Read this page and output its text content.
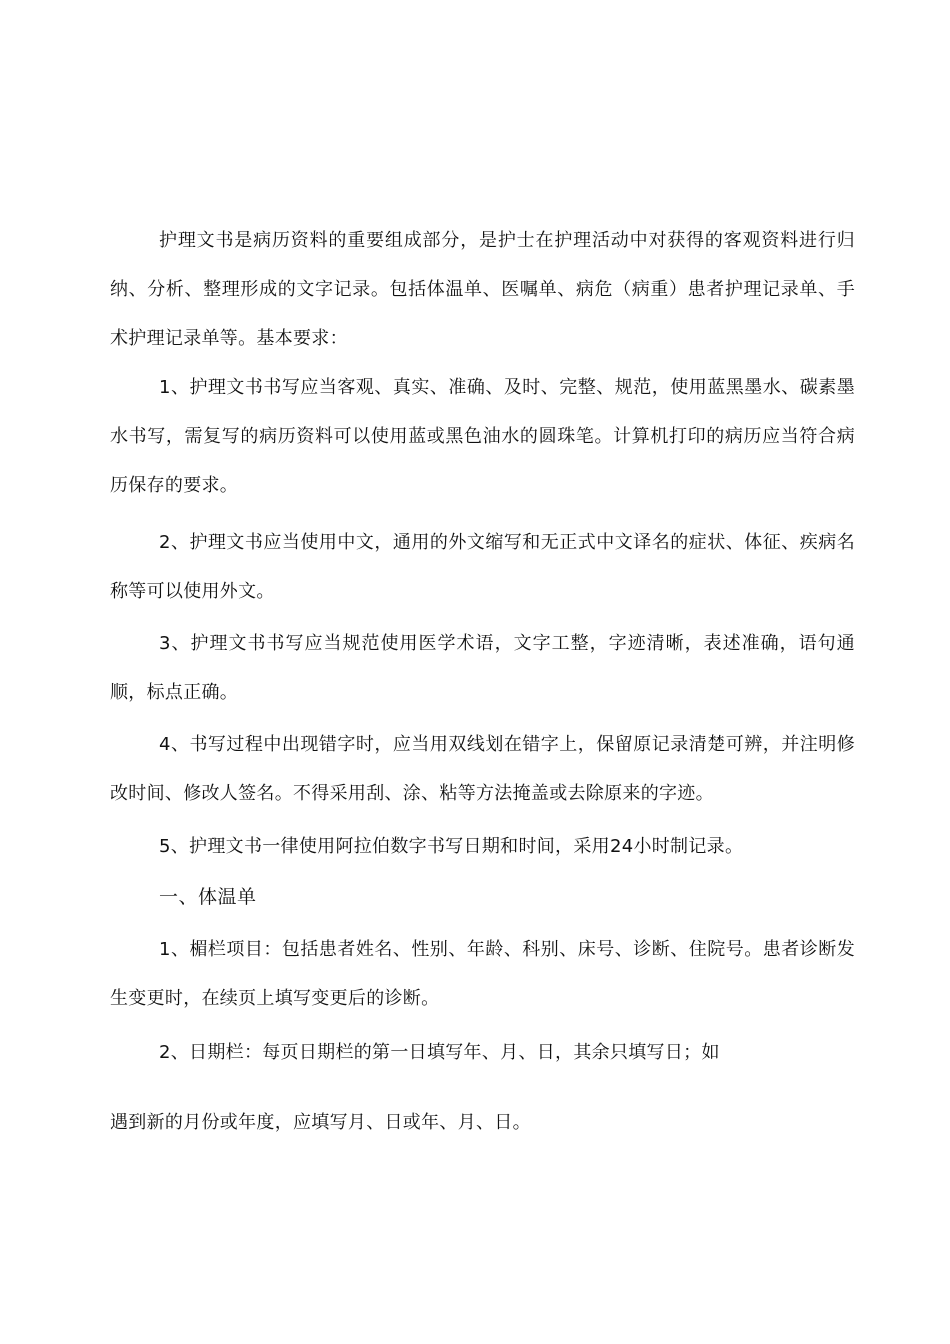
护理文书是病历资料的重要组成部分，是护士在护理活动中对获得的客观资料进行归纳、分析、整理形成的文字记录。包括体温单、医嘱单、病危（病重）患者护理记录单、手术护理记录单等。基本要求：

1、护理文书书写应当客观、真实、准确、及时、完整、规范，使用蓝黑墨水、碳素墨水书写，需复写的病历资料可以使用蓝或黑色油水的圆珠笔。计算机打印的病历应当符合病历保存的要求。

2、护理文书应当使用中文，通用的外文缩写和无正式中文译名的症状、体征、疾病名称等可以使用外文。

3、护理文书书写应当规范使用医学术语，文字工整，字迹清晰，表述准确，语句通顺，标点正确。

4、书写过程中出现错字时，应当用双线划在错字上，保留原记录清楚可辨，并注明修改时间、修改人签名。不得采用刮、涂、粘等方法掩盖或去除原来的字迹。

5、护理文书一律使用阿拉伯数字书写日期和时间，采用24小时制记录。

一、体温单

1、楣栏项目：包括患者姓名、性别、年龄、科别、床号、诊断、住院号。患者诊断发生变更时，在续页上填写变更后的诊断。

2、日期栏：每页日期栏的第一日填写年、月、日，其余只填写日；如

遇到新的月份或年度，应填写月、日或年、月、日。
